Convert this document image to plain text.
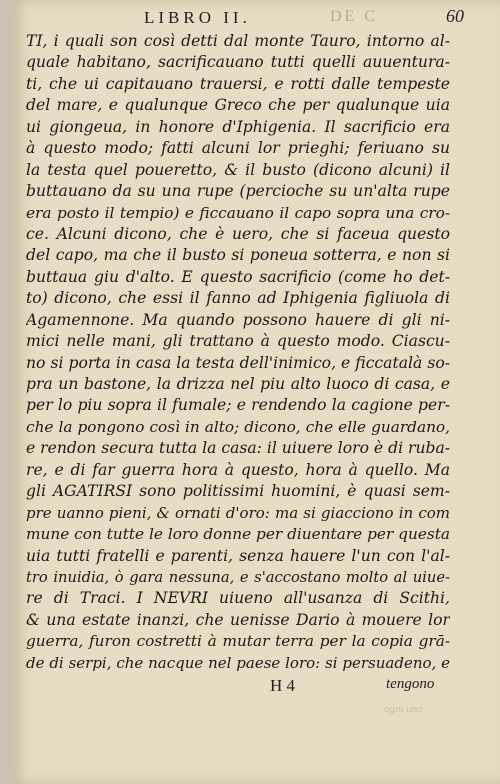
LIBRO II.	DE C	60
TI, i quali son così detti dal monte Tauro, intorno al-
quale habitano, sacrificauano tutti quelli auuentura-
ti, che ui capitauano trauersi, e rotti dalle tempeste
del mare, e qualunque Greco che per qualunque uia
ui giongeua, in honore d'Iphigenia. Il sacrificio era
à questo modo; fatti alcuni lor prieghi; feriuano su
la testa quel poueretto, & il busto (dicono alcuni) il
buttauano da su una rupe (percioche su un'alta rupe
era posto il tempio) e ficcauano il capo sopra una cro-
ce. Alcuni dicono, che è uero, che si faceua questo
del capo, ma che il busto si poneua sotterra, e non si
buttaua giu d'alto. E questo sacrificio (come ho det-
to) dicono, che essi il fanno ad Iphigenia figliuola di
Agamennone. Ma quando possono hauere di gli ni-
mici nelle mani, gli trattano à questo modo. Ciascu-
no si porta in casa la testa dell'inimico, e ficcatalà so-
pra un bastone, la drizza nel piu alto luoco di casa, e
per lo piu sopra il fumale; e rendendo la cagione per-
che la pongono così in alto; dicono, che elle guardano,
e rendon secura tutta la casa: il uiuere loro è di ruba-
re, e di far guerra hora à questo, hora à quello. Ma
gli AGATIRSI sono politissimi huomini, è quasi sem-
pre uanno pieni, & ornati d'oro: ma si giacciono in com
mune con tutte le loro donne per diuentare per questa
uia tutti fratelli e parenti, senza hauere l'un con l'al-
tro inuidia, ò gara nessuna, e s'accostano molto al uiue-
re di Traci. I NEVRI uiueno all'usanza di Scithi,
& una estate inanzi, che uenisse Dario à mouere lor
guerra, furon costretti à mutar terra per la copia grā-
de di serpi, che nacque nel paese loro: si persuadeno, e
ogni uno
H 4	tengono
